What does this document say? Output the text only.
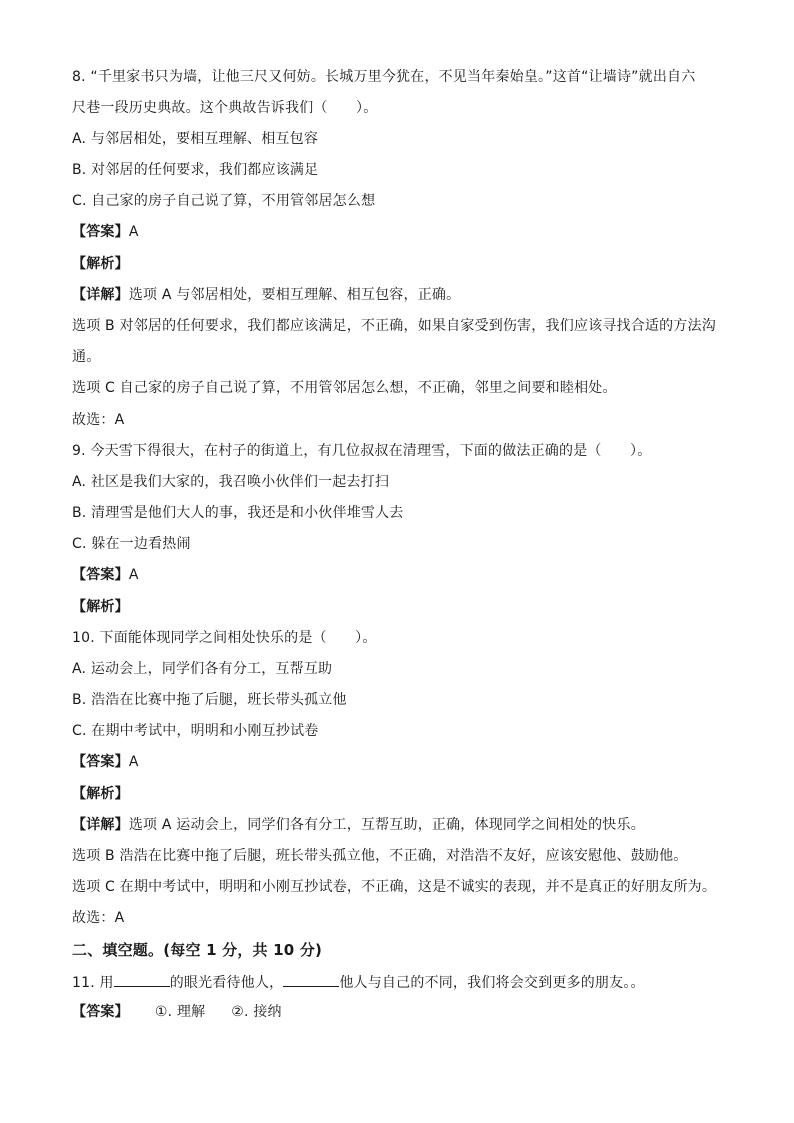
8. “千里家书只为墙，让他三尺又何妨。长城万里今犹在，不见当年秦始皇。”这首“让墙诗”就出自六
尺巷一段历史典故。这个典故告诉我们（　　）。
A. 与邻居相处，要相互理解、相互包容
B. 对邻居的任何要求，我们都应该满足
C. 自己家的房子自己说了算，不用管邻居怎么想
【答案】A
【解析】
【详解】选项 A 与邻居相处，要相互理解、相互包容，正确。
选项 B 对邻居的任何要求，我们都应该满足，不正确，如果自家受到伤害，我们应该寻找合适的方法沟
通。
选项 C 自己家的房子自己说了算，不用管邻居怎么想，不正确，邻里之间要和睦相处。
故选：A
9. 今天雪下得很大，在村子的街道上，有几位叔叔在清理雪，下面的做法正确的是（　　）。
A. 社区是我们大家的，我召唤小伙伴们一起去打扫
B. 清理雪是他们大人的事，我还是和小伙伴堆雪人去
C. 躲在一边看热闹
【答案】A
【解析】
10. 下面能体现同学之间相处快乐的是（　　）。
A. 运动会上，同学们各有分工，互帮互助
B. 浩浩在比赛中拖了后腿，班长带头孤立他
C. 在期中考试中，明明和小刚互抄试卷
【答案】A
【解析】
【详解】选项 A 运动会上，同学们各有分工，互帮互助，正确，体现同学之间相处的快乐。
选项 B 浩浩在比赛中拖了后腿，班长带头孤立他，不正确，对浩浩不友好，应该安慰他、鼓励他。
选项 C 在期中考试中，明明和小刚互抄试卷，不正确，这是不诚实的表现，并不是真正的好朋友所为。
故选：A
二、填空题。(每空 1 分，共 10 分)
11. 用	的眼光看待他人，	他人与自己的不同，我们将会交到更多的朋友。。
【答案】 ①. 理解 ②. 接纳
